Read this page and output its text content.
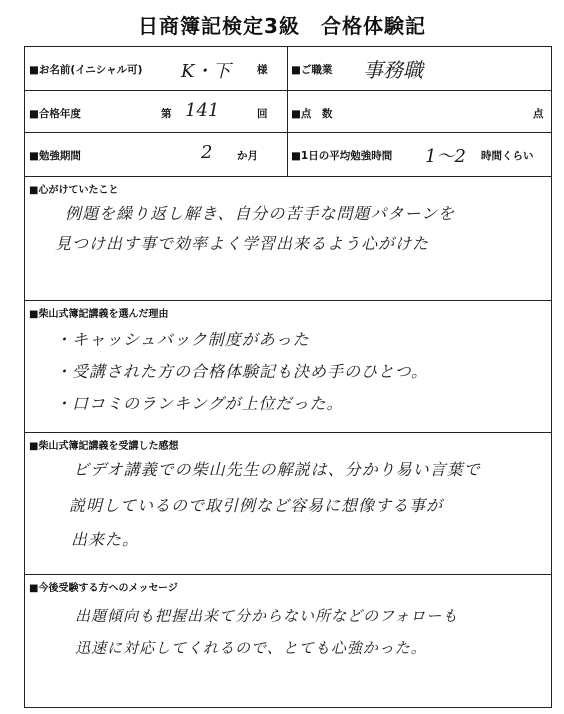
日商簿記検定3級　合格体験記
■お名前(イニシャル可) K・下	様 ■ご職業 事務職
■合格年度	第 141	回 ■点　数	点
■勉強期間	2 か月	■1日の平均勉強時間 1〜2 時間くらい
■心がけていたこと
例題を繰り返し解き、自分の苦手な問題パターンを
見つけ出す事で効率よく学習出来るよう心がけた
■柴山式簿記講義を選んだ理由
・キャッシュバック制度があった
・受講された方の合格体験記も決め手のひとつ。
・口コミのランキングが上位だった。
■柴山式簿記講義を受講した感想
ビデオ講義での柴山先生の解説は、分かり易い言葉で
説明しているので取引例など容易に想像する事が
出来た。
■今後受験する方へのメッセージ
出題傾向も把握出来て分からない所などのフォローも
迅速に対応してくれるので、とても心強かった。
